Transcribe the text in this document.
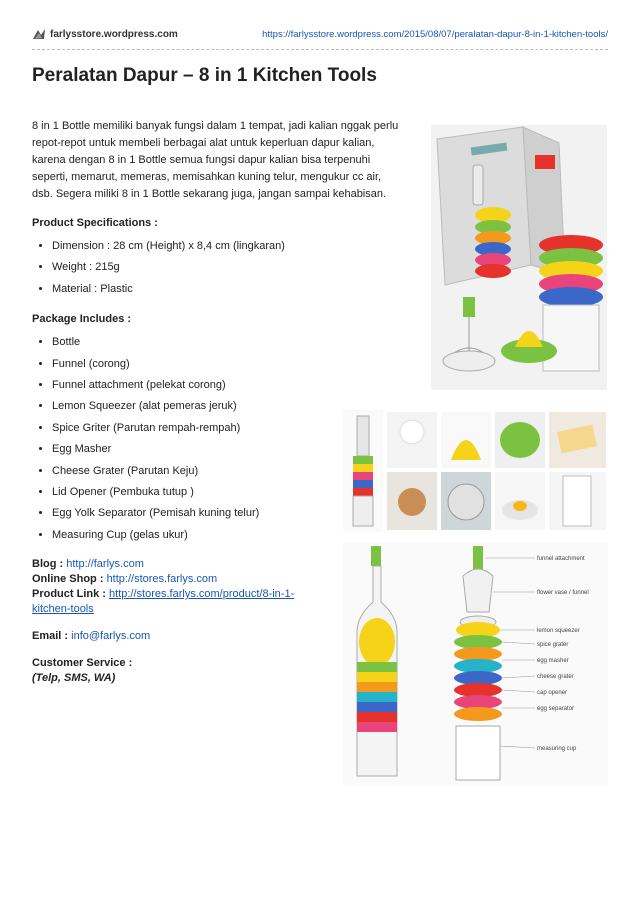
farlysstore.wordpress.com	https://farlysstore.wordpress.com/2015/08/07/peralatan-dapur-8-in-1-kitchen-tools/
Peralatan Dapur – 8 in 1 Kitchen Tools

8 in 1 Bottle memiliki banyak fungsi dalam 1 tempat, jadi kalian nggak perlu
repot-repot untuk membeli berbagai alat untuk keperluan dapur kalian,
karena dengan 8 in 1 Bottle semua fungsi dapur kalian bisa terpenuhi
seperti, memarut, memeras, memisahkan kuning telur, mengukur cc air,
dsb. Segera miliki 8 in 1 Bottle sekarang juga, jangan sampai kehabisan.

Product Specifications :
• Dimension : 28 cm (Height) x 8,4 cm (lingkaran)
• Weight : 215g
• Material : Plastic
Package Includes :
• Bottle
• Funnel (corong)
• Funnel attachment (pelekat corong)
• Lemon Squeezer (alat pemeras jeruk)
• Spice Griter (Parutan rempah-rempah)
• Egg Masher
• Cheese Grater (Parutan Keju)
• Lid Opener (Pembuka tutup )
• Egg Yolk Separator (Pemisah kuning telur)
• Measuring Cup (gelas ukur)
Blog : http://farlys.com
Online Shop : http://stores.farlys.com
Product Link : http://stores.farlys.com/product/8-in-1-
kitchen-tools
Email : info@farlys.com
Customer Service :
(Telp, SMS, WA)
funnel attachment
flower vase / funnel
lemon squeezer
spice grater
egg masher
cheese grater
cap opener
egg separator
measuring cup
